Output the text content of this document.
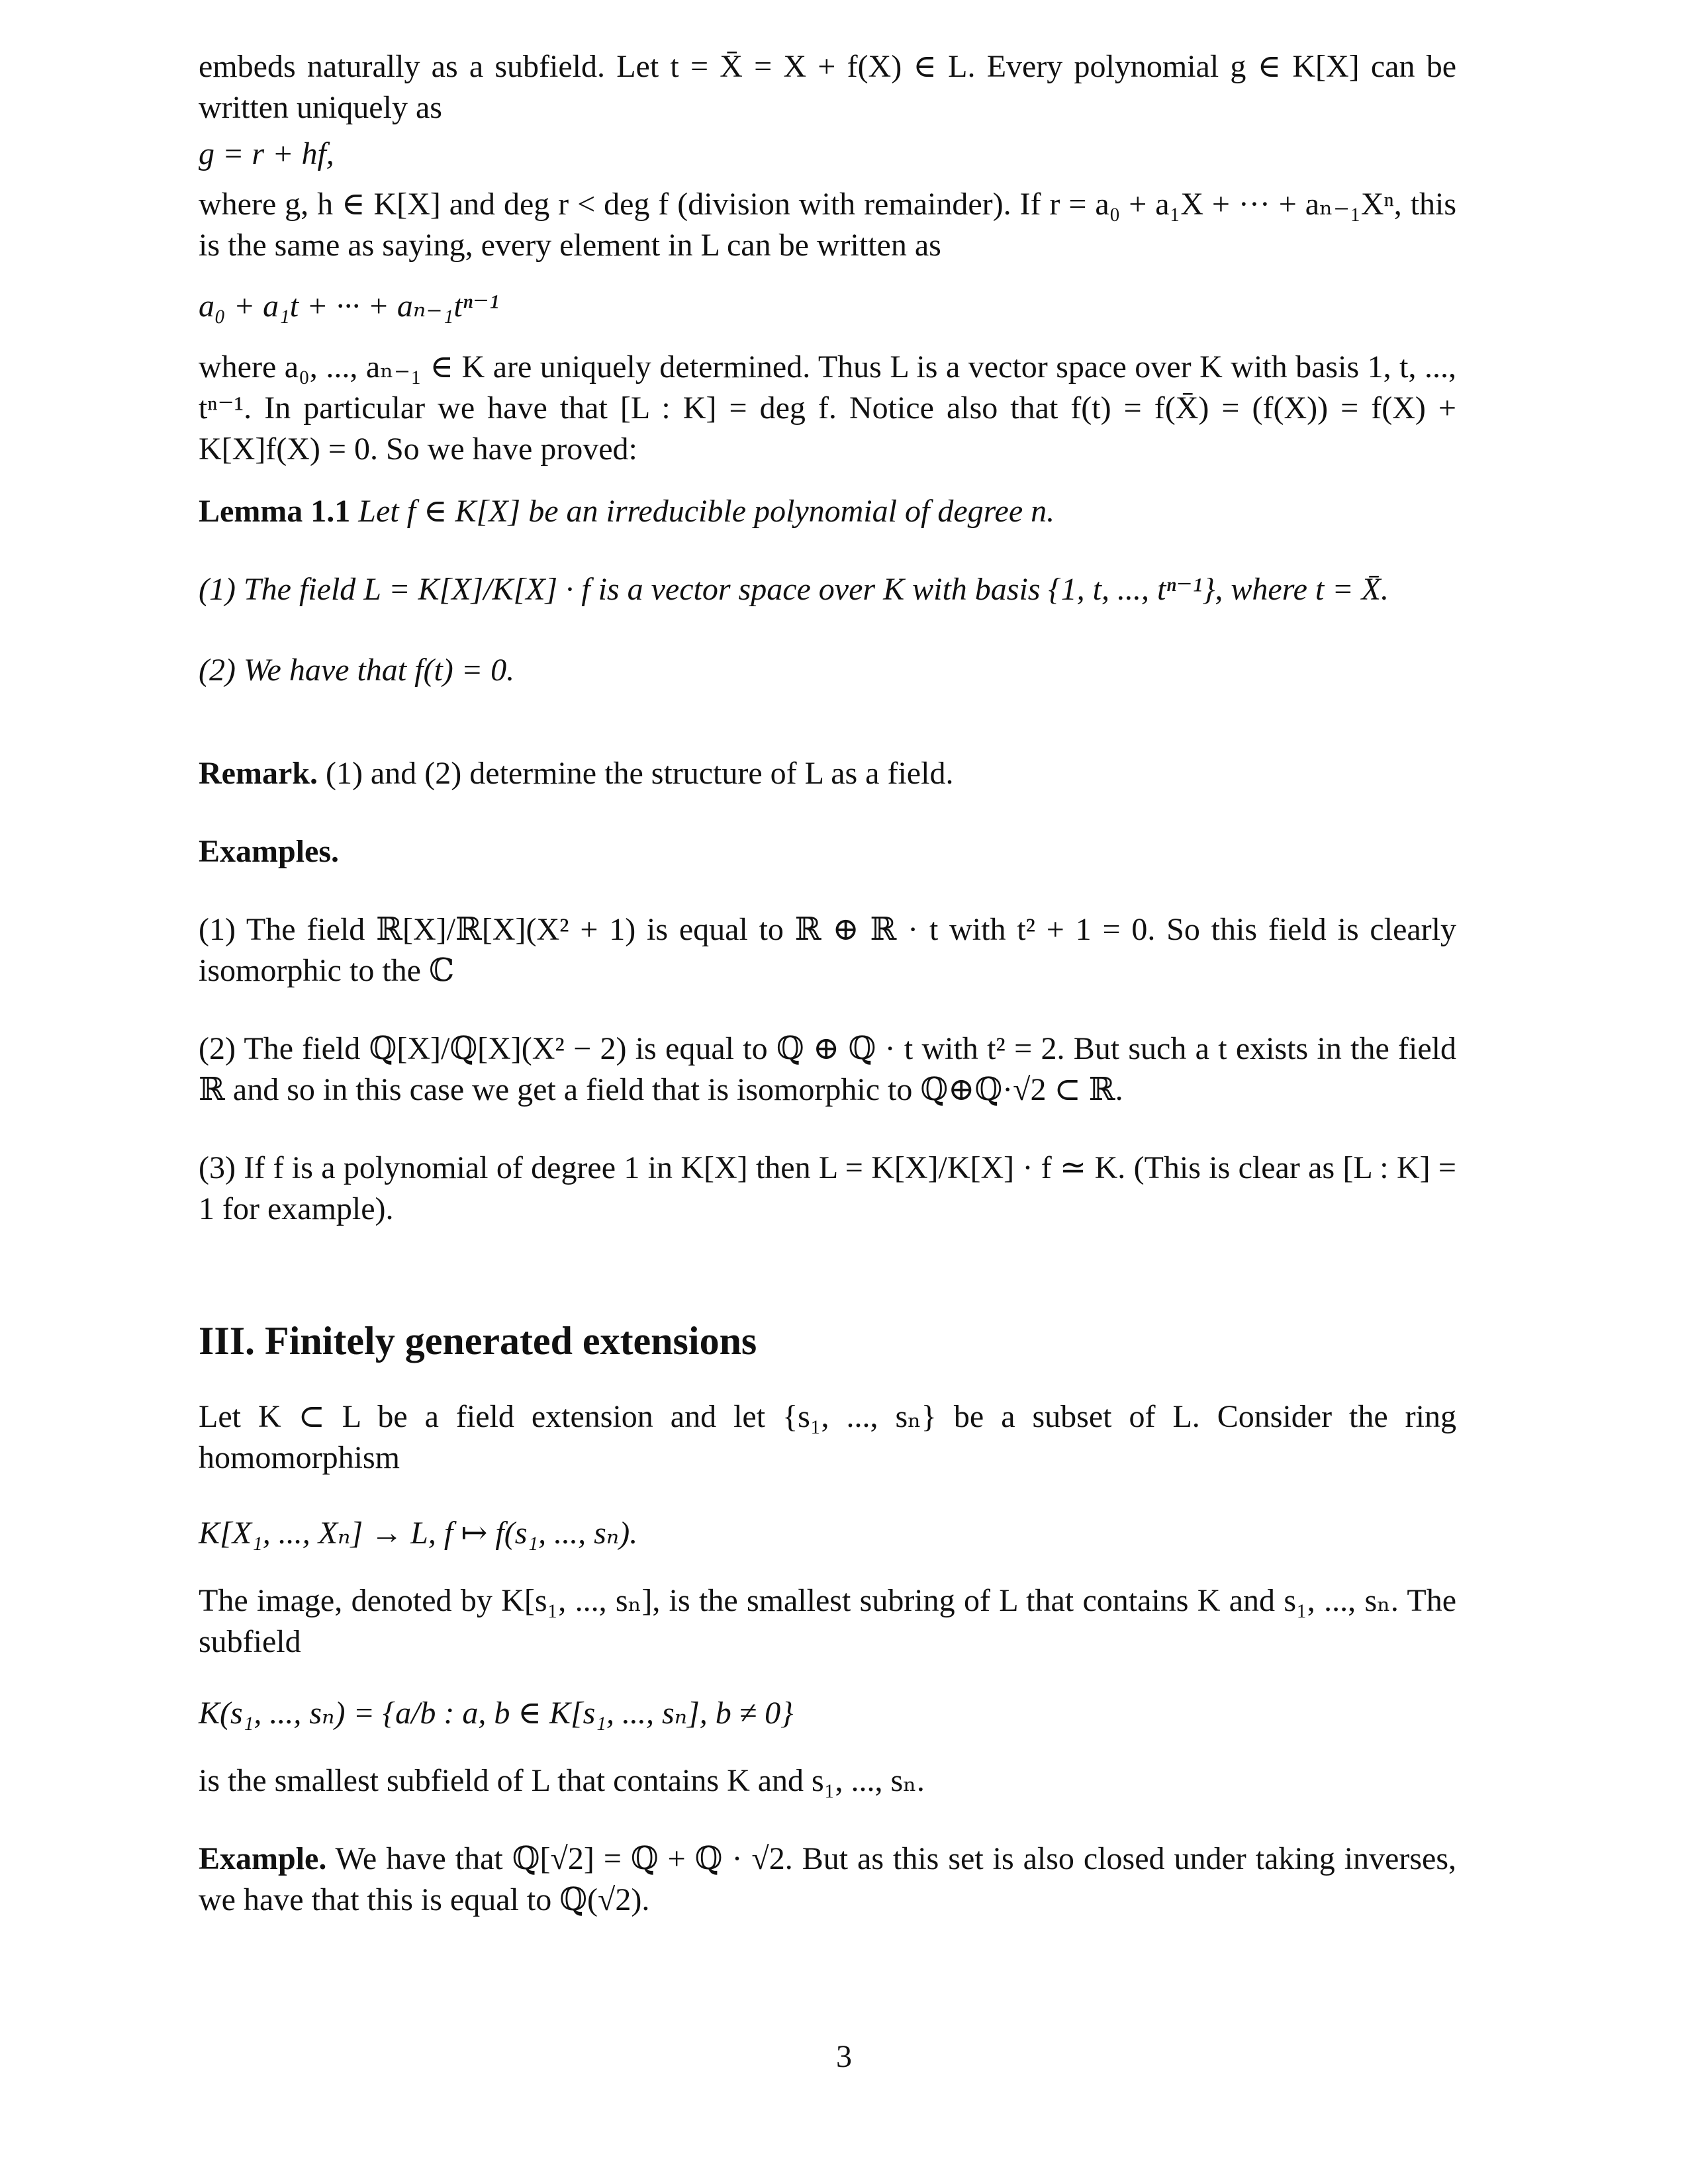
embeds naturally as a subfield. Let t = X̄ = X + f(X) ∈ L. Every polynomial g ∈ K[X] can be written uniquely as

g = r + hf,

where g, h ∈ K[X] and deg r < deg f (division with remainder). If r = a₀ + a₁X + ··· + aₙ₋₁Xⁿ, this is the same as saying, every element in L can be written as

a₀ + a₁t + ··· + aₙ₋₁tⁿ⁻¹

where a₀, ..., aₙ₋₁ ∈ K are uniquely determined. Thus L is a vector space over K with basis 1, t, ..., tⁿ⁻¹. In particular we have that [L : K] = deg f. Notice also that f(t) = f(X̄) = (f(X)) = f(X) + K[X]f(X) = 0. So we have proved:

Lemma 1.1 Let f ∈ K[X] be an irreducible polynomial of degree n.

(1) The field L = K[X]/K[X] · f is a vector space over K with basis {1, t, ..., tⁿ⁻¹}, where t = X̄.

(2) We have that f(t) = 0.

Remark. (1) and (2) determine the structure of L as a field.

Examples.

(1) The field ℝ[X]/ℝ[X](X² + 1) is equal to ℝ ⊕ ℝ · t with t² + 1 = 0. So this field is clearly isomorphic to the ℂ

(2) The field ℚ[X]/ℚ[X](X² − 2) is equal to ℚ ⊕ ℚ · t with t² = 2. But such a t exists in the field ℝ and so in this case we get a field that is isomorphic to ℚ⊕ℚ·√2 ⊂ ℝ.

(3) If f is a polynomial of degree 1 in K[X] then L = K[X]/K[X] · f ≃ K. (This is clear as [L : K] = 1 for example).

III. Finitely generated extensions

Let K ⊂ L be a field extension and let {s₁, ..., sₙ} be a subset of L. Consider the ring homomorphism

K[X₁, ..., Xₙ] → L, f ↦ f(s₁, ..., sₙ).

The image, denoted by K[s₁, ..., sₙ], is the smallest subring of L that contains K and s₁, ..., sₙ. The subfield

K(s₁, ..., sₙ) = {a/b : a, b ∈ K[s₁, ..., sₙ], b ≠ 0}

is the smallest subfield of L that contains K and s₁, ..., sₙ.

Example. We have that ℚ[√2] = ℚ + ℚ · √2. But as this set is also closed under taking inverses, we have that this is equal to ℚ(√2).

3
